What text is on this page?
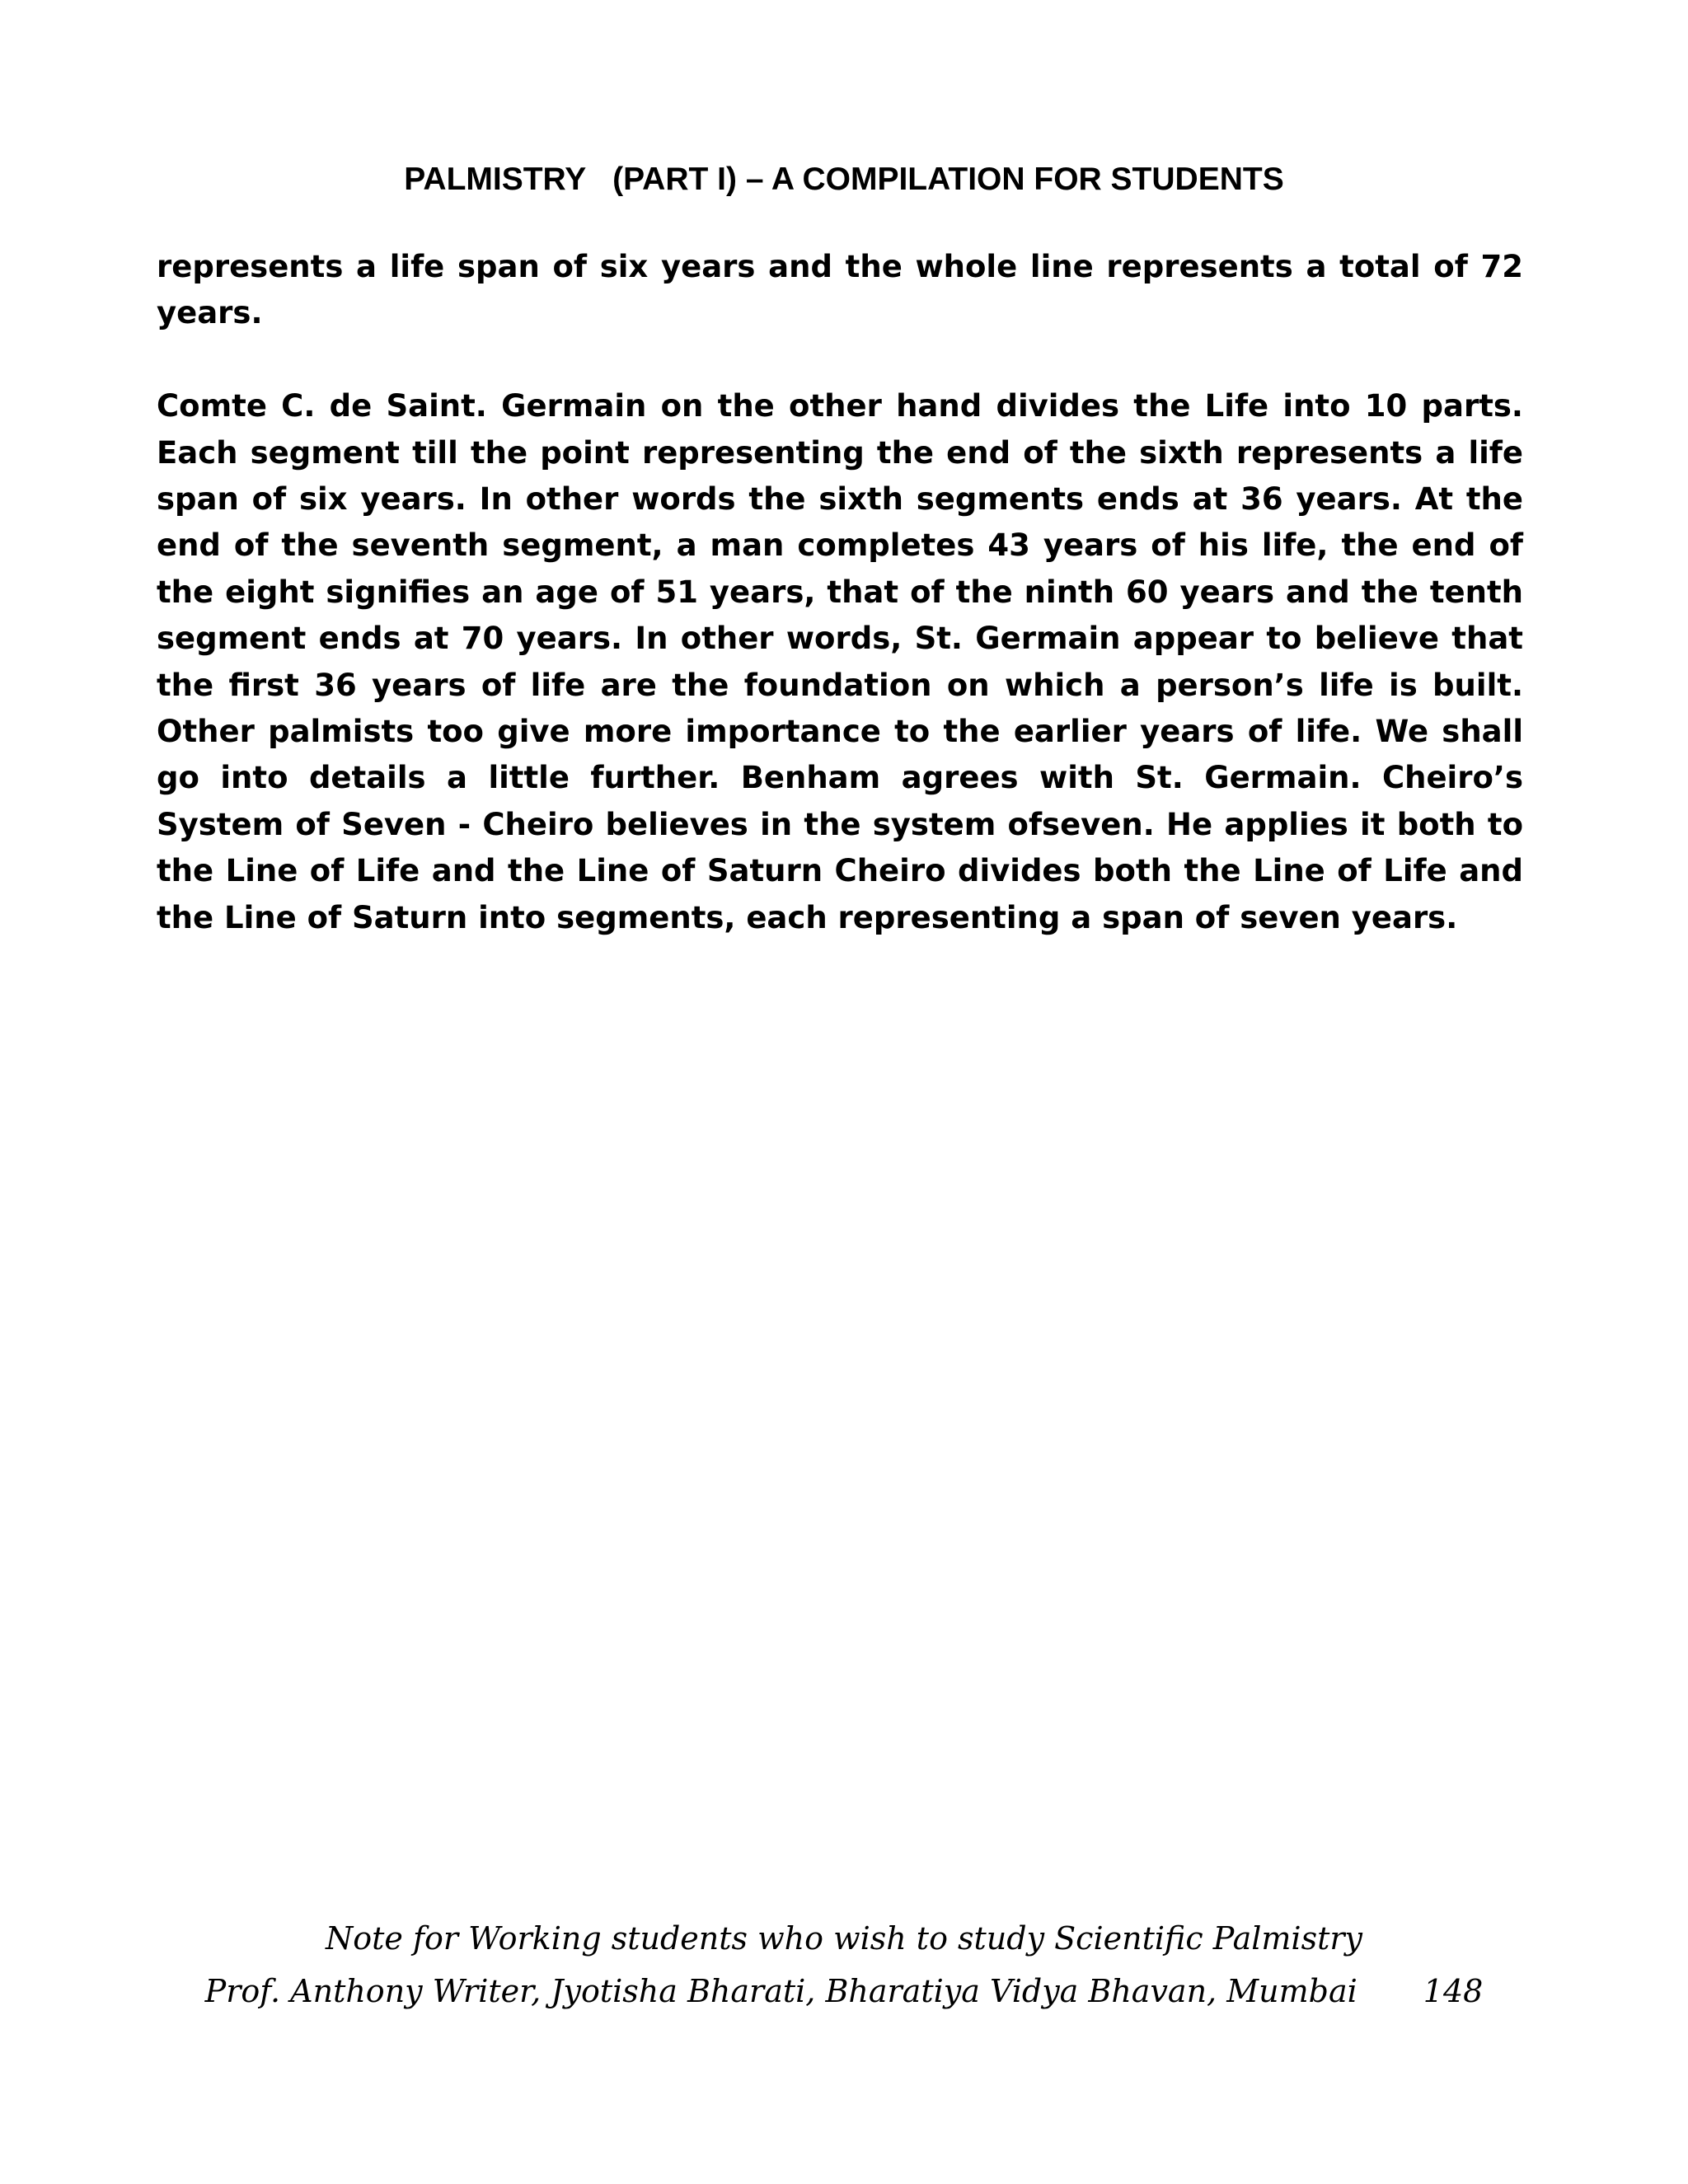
PALMISTRY   (PART I) – A COMPILATION FOR STUDENTS

represents a life span of six years and the whole line represents a total of 72 years.

Comte C. de Saint. Germain on the other hand divides the Life into 10 parts. Each segment till the point representing the end of the sixth represents a life span of six years. In other words the sixth segments ends at 36 years. At the end of the seventh segment, a man completes 43 years of his life, the end of the eight signifies an age of 51 years, that of the ninth 60 years and the tenth segment ends at 70 years. In other words, St. Germain appear to believe that the first 36 years of life are the foundation on which a person’s life is built. Other palmists too give more importance to the earlier years of life. We shall go into details a little further. Benham agrees with St. Germain. Cheiro’s System of Seven - Cheiro believes in the system ofseven. He applies it both to the Line of Life and the Line of Saturn Cheiro divides both the Line of Life and the Line of Saturn into segments, each representing a span of seven years.

Note for Working students who wish to study Scientific Palmistry
Prof. Anthony Writer, Jyotisha Bharati, Bharatiya Vidya Bhavan, Mumbai 148
